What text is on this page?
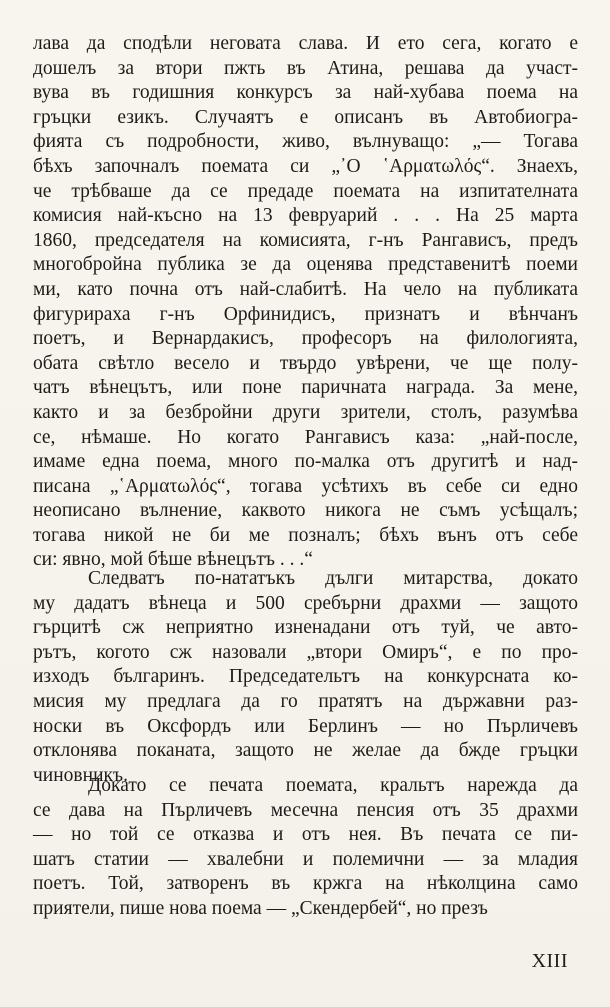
лава да сподѣли неговата слава. И ето сега, когато е
дошелъ за втори пжть въ Атина, решава да участ-
вува въ годишния конкурсъ за най-хубава поема на
гръцки езикъ. Случаятъ е описанъ въ Автобиогра-
фията съ подробности, живо, вълнуващо: „— Тогава
бѣхъ започналъ поемата си „᾿Ο ῾Αρματωλός“. Знаехъ,
че трѣбваше да се предаде поемата на изпитателната
комисия най-късно на 13 февруарий . . . На 25 марта
1860, председателя на комисията, г-нъ Рангависъ, предъ
многобройна публика зе да оценява представенитѣ поеми
ми, като почна отъ най-слабитѣ. На чело на публиката
фигурираха г-нъ Орфинидисъ, признатъ и вѣнчанъ
поетъ, и Вернардакисъ, професоръ на филологията,
обата свѣтло весело и твърдо увѣрени, че ще полу-
чатъ вѣнецътъ, или поне паричната награда. За мене,
както и за безбройни други зрители, столъ, разумѣва
се, нѣмаше. Но когато Рангависъ каза: „най-после,
имаме една поема, много по-малка отъ другитѣ и над-
писана „῾Αρματωλός“, тогава усѣтихъ въ себе си едно
неописано вълнение, каквото никога не съмъ усѣщалъ;
тогава никой не би ме позналъ; бѣхъ вънъ отъ себе
си: явно, мой бѣше вѣнецътъ . . .“
Следватъ по-нататъкъ дълги митарства, докато
му дадатъ вѣнеца и 500 сребърни драхми — защото
гърцитѣ сж неприятно изненадани отъ туй, че авто-
рътъ, когото сж назовали „втори Омиръ“, е по про-
изходъ българинъ. Председательтъ на конкурсната ко-
мисия му предлага да го пратятъ на държавни раз-
носки въ Оксфордъ или Берлинъ — но Пърличевъ
отклонява поканата, защото не желае да бжде гръцки
чиновникъ.
Докато се печата поемата, кральтъ нарежда да
се дава на Пърличевъ месечна пенсия отъ 35 драхми
— но той се отказва и отъ нея. Въ печата се пи-
шатъ статии — хвалебни и полемични — за младия
поетъ. Той, затворенъ въ кржга на нѣколцина само
приятели, пише нова поема — „Скендербей“, но презъ
XIII
